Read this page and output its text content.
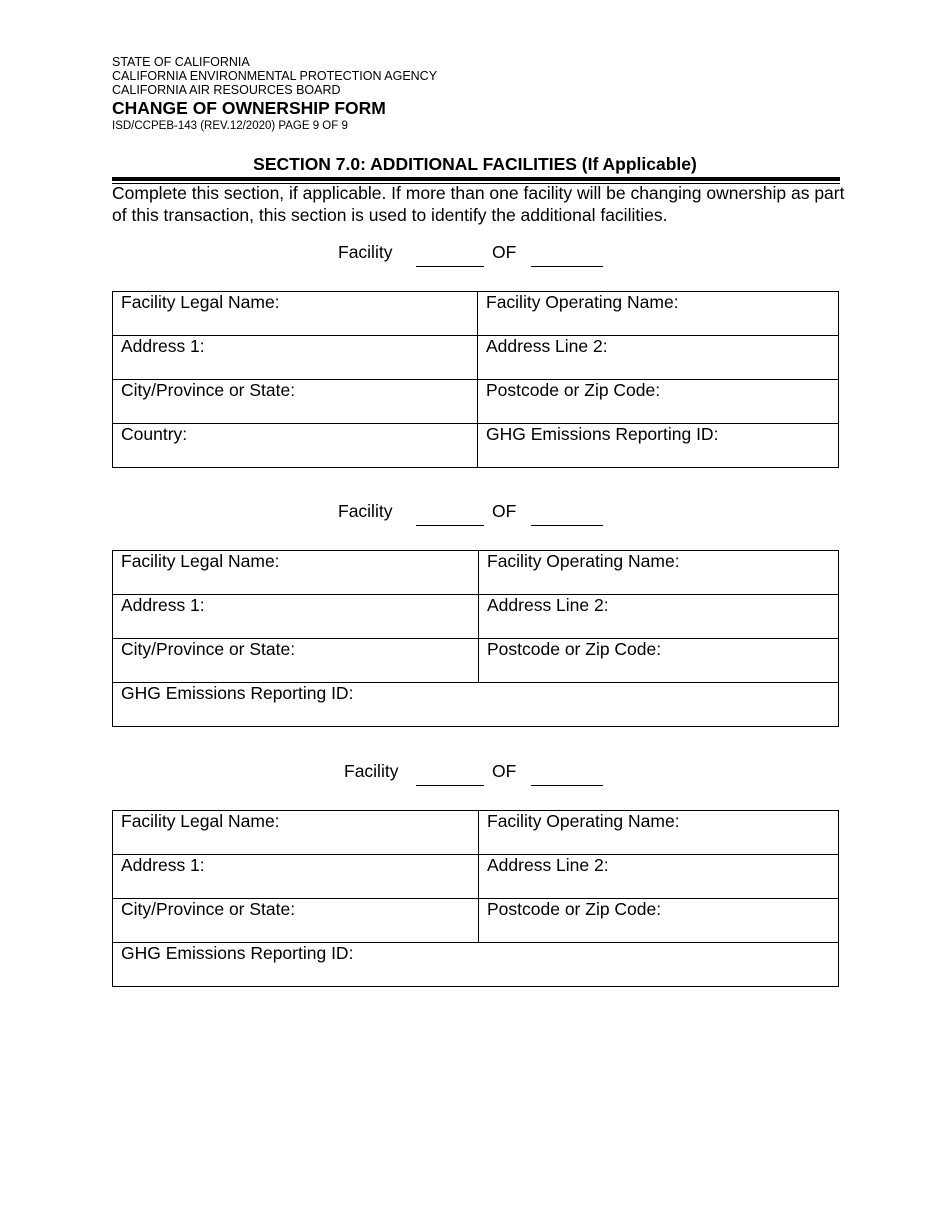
STATE OF CALIFORNIA
CALIFORNIA ENVIRONMENTAL PROTECTION AGENCY
CALIFORNIA AIR RESOURCES BOARD
CHANGE OF OWNERSHIP FORM
ISD/CCPEB-143 (REV.12/2020) PAGE 9 OF 9
SECTION 7.0: ADDITIONAL FACILITIES (If Applicable)
Complete this section, if applicable. If more than one facility will be changing ownership as part of this transaction, this section is used to identify the additional facilities.
Facility	OF
Facility Legal Name:	Facility Operating Name:

Address 1:	Address Line 2:

City/Province or State:	Postcode or Zip Code:

Country:	GHG Emissions Reporting ID:
Facility	OF
Facility Legal Name:	Facility Operating Name:

Address 1:	Address Line 2:

City/Province or State:	Postcode or Zip Code:

GHG Emissions Reporting ID:	
Facility	OF
Facility Legal Name:	Facility Operating Name:

Address 1:	Address Line 2:

City/Province or State:	Postcode or Zip Code:

GHG Emissions Reporting ID:	
